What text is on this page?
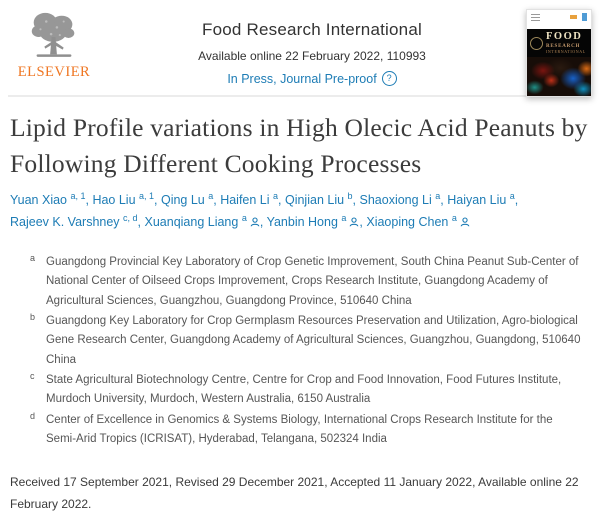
ELSEVIER
Food Research International
Available online 22 February 2022, 110993
In Press, Journal Pre-proof	?
FOOD
RESEARCH
INTERNATIONAL
Lipid Profile variations in High Olecic Acid Peanuts by Following Different Cooking Processes

Yuan Xiao $^{a, 1}$, Hao Liu $^{a, 1}$, Qing Lu $^a$, Haifen Li $^a$, Qinjian Liu $^b$, Shaoxiong Li $^a$, Haiyan Liu $^a$, Rajeev K. Varshney $^{c, d}$, Xuanqiang Liang $^a$ , Yanbin Hong $^a$ , Xiaoping Chen $^a$

a Guangdong Provincial Key Laboratory of Crop Genetic Improvement, South China Peanut Sub-Center of National Center of Oilseed Crops Improvement, Crops Research Institute, Guangdong Academy of Agricultural Sciences, Guangzhou, Guangdong Province, 510640 China
b Guangdong Key Laboratory for Crop Germplasm Resources Preservation and Utilization, Agro-biological Gene Research Center, Guangdong Academy of Agricultural Sciences, Guangzhou, Guangdong, 510640 China
c	State Agricultural Biotechnology Centre, Centre for Crop and Food Innovation, Food Futures Institute, Murdoch University, Murdoch, Western Australia, 6150 Australia
d Center of Excellence in Genomics & Systems Biology, International Crops Research Institute for the Semi-Arid Tropics (ICRISAT), Hyderabad, Telangana, 502324 India

Received 17 September 2021, Revised 29 December 2021, Accepted 11 January 2022, Available online 22 February 2022.
